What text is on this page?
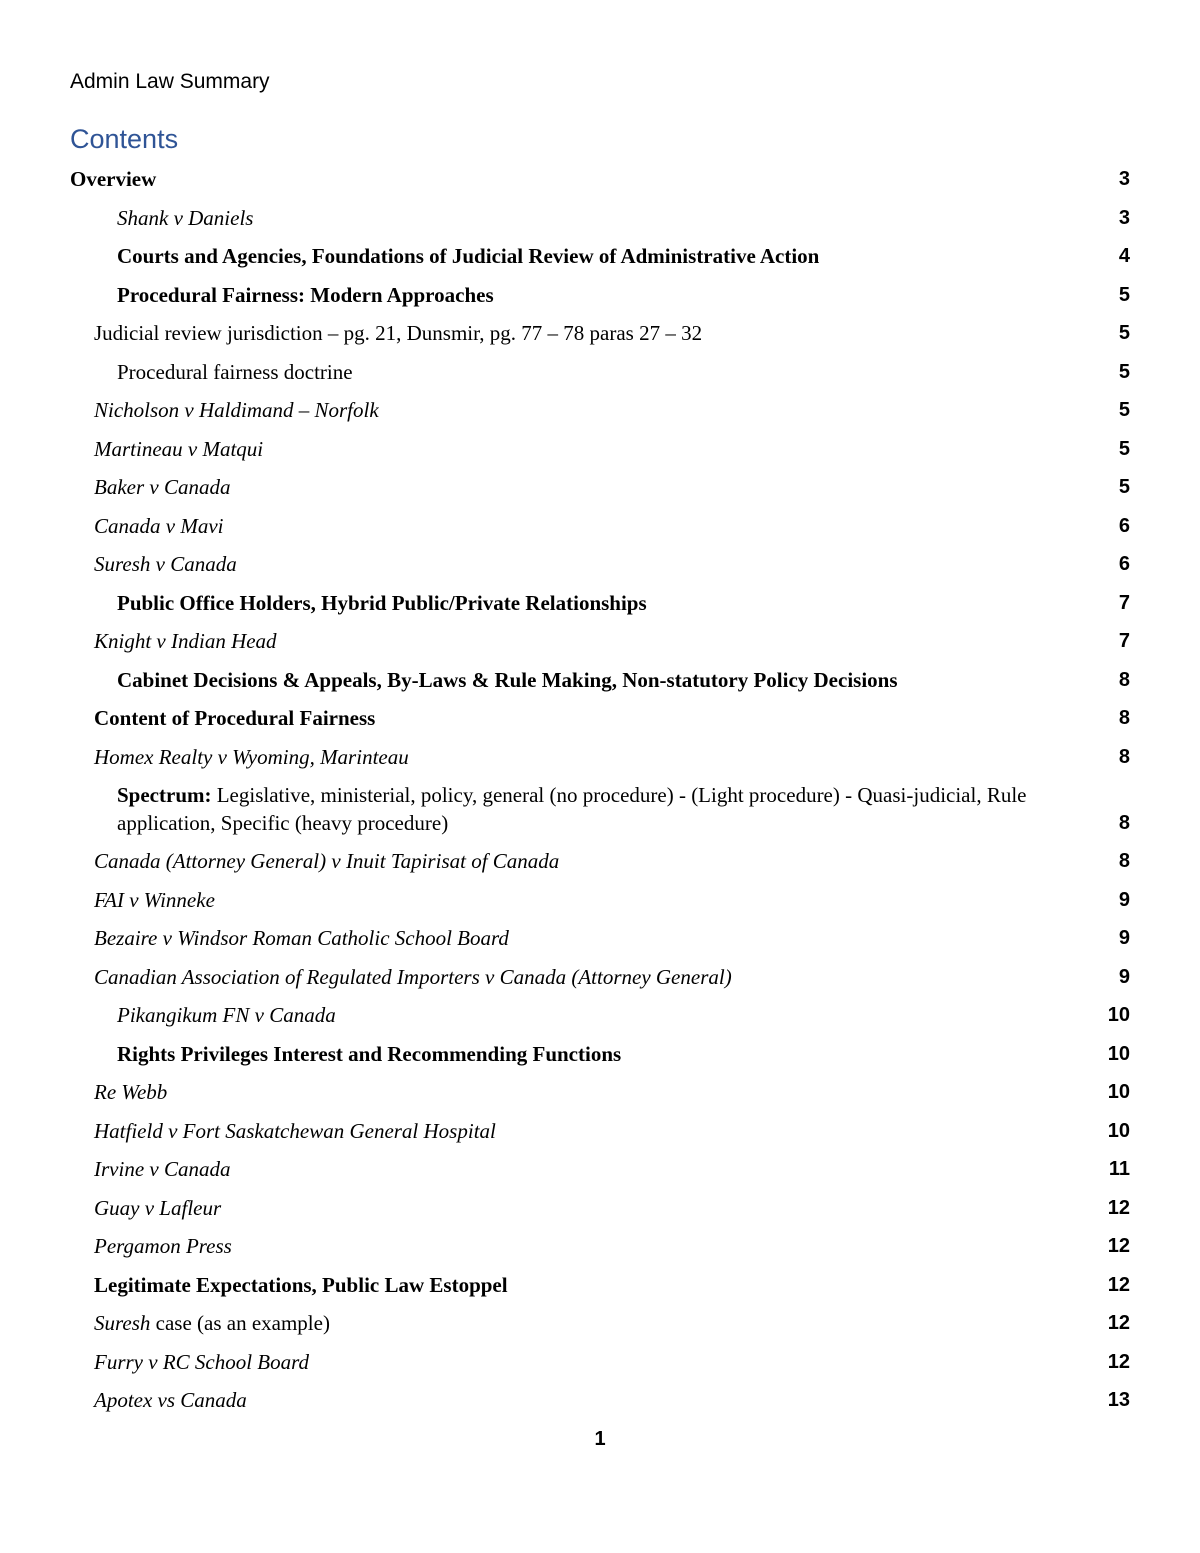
Admin Law Summary
Contents
Overview	3
Shank v Daniels	3
Courts and Agencies, Foundations of Judicial Review of Administrative Action	4
Procedural Fairness: Modern Approaches	5
Judicial review jurisdiction – pg. 21, Dunsmir, pg. 77 – 78 paras 27 – 32	5
Procedural fairness doctrine	5
Nicholson v Haldimand – Norfolk	5
Martineau v Matqui	5
Baker v Canada	5
Canada v Mavi	6
Suresh v Canada	6
Public Office Holders, Hybrid Public/Private Relationships	7
Knight v Indian Head	7
Cabinet Decisions & Appeals, By-Laws & Rule Making, Non-statutory Policy Decisions	8
Content of Procedural Fairness	8
Homex Realty v Wyoming, Marinteau	8
Spectrum: Legislative, ministerial, policy, general (no procedure) - (Light procedure) - Quasi-judicial, Rule application, Specific (heavy procedure)	8
Canada (Attorney General) v Inuit Tapirisat of Canada	8
FAI v Winneke	9
Bezaire v Windsor Roman Catholic School Board	9
Canadian Association of Regulated Importers v Canada (Attorney General)	9
Pikangikum FN v Canada	10
Rights Privileges Interest and Recommending Functions	10
Re Webb	10
Hatfield v Fort Saskatchewan General Hospital	10
Irvine v Canada	11
Guay v Lafleur	12
Pergamon Press	12
Legitimate Expectations, Public Law Estoppel	12
Suresh case (as an example)	12
Furry v RC School Board	12
Apotex vs Canada	13
1
